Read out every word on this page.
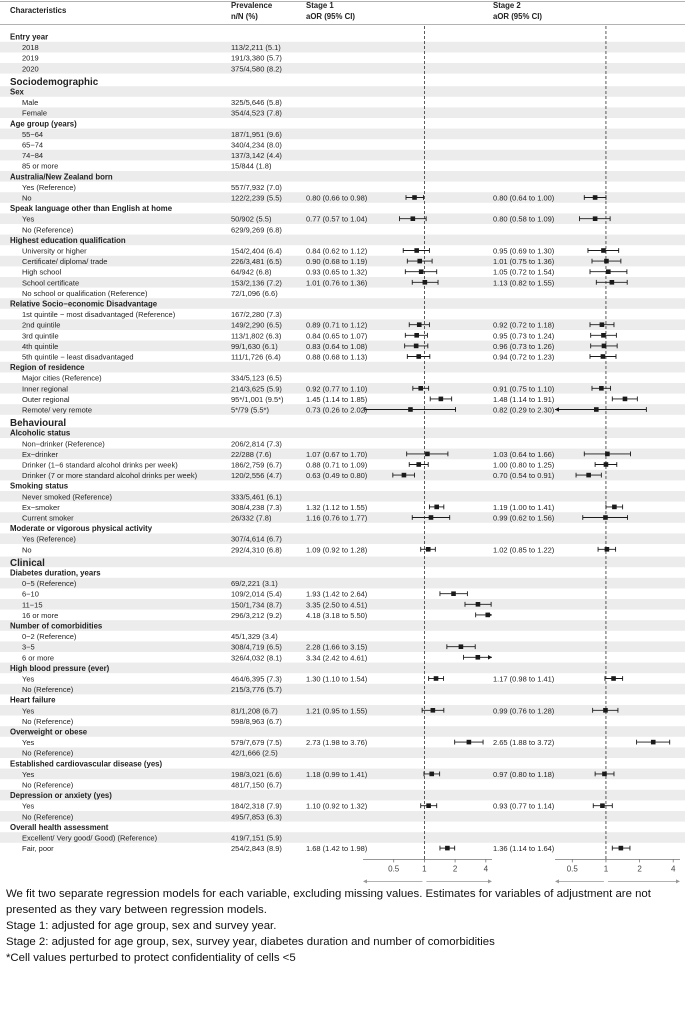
Characteristics
Prevalence
n/N (%)
Stage 1
aOR (95% CI)
Stage 2
aOR (95% CI)
Entry year
2018	113/2,211 (5.1)
2019	191/3,380 (5.7)
2020	375/4,580 (8.2)
Sociodemographic
Sex
Male	325/5,646 (5.8)
Female	354/4,523 (7.8)
Age group (years)
55−64	187/1,951 (9.6)
65−74	340/4,234 (8.0)
74−84	137/3,142 (4.4)
85 or more	15/844 (1.8)
Australia/New Zealand born
Yes (Reference)	557/7,932 (7.0)
No	122/2,239 (5.5)	0.80 (0.66 to 0.98)	0.80 (0.64 to 1.00)
Speak language other than English at home
Yes	50/902 (5.5)	0.77 (0.57 to 1.04)	0.80 (0.58 to 1.09)
No (Reference)	629/9,269 (6.8)
Highest education qualification
University or higher	154/2,404 (6.4)	0.84 (0.62 to 1.12)	0.95 (0.69 to 1.30)
Certificate/ diploma/ trade	226/3,481 (6.5)	0.90 (0.68 to 1.19)	1.01 (0.75 to 1.36)
High school	64/942 (6.8)	0.93 (0.65 to 1.32)	1.05 (0.72 to 1.54)
School certificate	153/2,136 (7.2)	1.01 (0.76 to 1.36)	1.13 (0.82 to 1.55)
No school or qualification (Reference)	72/1,096 (6.6)
Relative Socio−economic Disadvantage
1st quintile − most disadvantaged (Reference)	167/2,280 (7.3)
2nd quintile	149/2,290 (6.5)	0.89 (0.71 to 1.12)	0.92 (0.72 to 1.18)
3rd quintile	113/1,802 (6.3)	0.84 (0.65 to 1.07)	0.95 (0.73 to 1.24)
4th quintile	99/1,630 (6.1)	0.83 (0.64 to 1.08)	0.96 (0.73 to 1.26)
5th quintile − least disadvantaged	111/1,726 (6.4)	0.88 (0.68 to 1.13)	0.94 (0.72 to 1.23)
Region of residence
Major cities (Reference)	334/5,123 (6.5)
Inner regional	214/3,625 (5.9)	0.92 (0.77 to 1.10)	0.91 (0.75 to 1.10)
Outer regional	95*/1,001 (9.5*)	1.45 (1.14 to 1.85)	1.48 (1.14 to 1.91)
Remote/ very remote	5*/79 (5.5*)	0.73 (0.26 to 2.02)	0.82 (0.29 to 2.30)
Behavioural
Alcoholic status
Non−drinker (Reference)	206/2,814 (7.3)
Ex−drinker	22/288 (7.6)	1.07 (0.67 to 1.70)	1.03 (0.64 to 1.66)
Drinker (1−6 standard alcohol drinks per week)	186/2,759 (6.7)	0.88 (0.71 to 1.09)	1.00 (0.80 to 1.25)
Drinker (7 or more standard alcohol drinks per week)	120/2,556 (4.7)	0.63 (0.49 to 0.80)	0.70 (0.54 to 0.91)
Smoking status
Never smoked (Reference)	333/5,461 (6.1)
Ex−smoker	308/4,238 (7.3)	1.32 (1.12 to 1.55)	1.19 (1.00 to 1.41)
Current smoker	26/332 (7.8)	1.16 (0.76 to 1.77)	0.99 (0.62 to 1.56)
Moderate or vigorous physical activity
Yes (Reference)	307/4,614 (6.7)
No	292/4,310 (6.8)	1.09 (0.92 to 1.28)	1.02 (0.85 to 1.22)
Clinical
Diabetes duration, years
0−5 (Reference)	69/2,221 (3.1)
6−10	109/2,014 (5.4)	1.93 (1.42 to 2.64)
11−15	150/1,734 (8.7)	3.35 (2.50 to 4.51)
16 or more	296/3,212 (9.2)	4.18 (3.18 to 5.50)
Number of comorbidities
0−2 (Reference)	45/1,329 (3.4)
3−5	308/4,719 (6.5)	2.28 (1.66 to 3.15)
6 or more	326/4,032 (8.1)	3.34 (2.42 to 4.61)
High blood pressure (ever)
Yes	464/6,395 (7.3)	1.30 (1.10 to 1.54)	1.17 (0.98 to 1.41)
No (Reference)	215/3,776 (5.7)
Heart failure
Yes	81/1,208 (6.7)	1.21 (0.95 to 1.55)	0.99 (0.76 to 1.28)
No (Reference)	598/8,963 (6.7)
Overweight or obese
Yes	579/7,679 (7.5)	2.73 (1.98 to 3.76)	2.65 (1.88 to 3.72)
No (Reference)	42/1,666 (2.5)
Established cardiovascular disease (yes)
Yes	198/3,021 (6.6)	1.18 (0.99 to 1.41)	0.97 (0.80 to 1.18)
No (Reference)	481/7,150 (6.7)
Depression or anxiety (yes)
Yes	184/2,318 (7.9)	1.10 (0.92 to 1.32)	0.93 (0.77 to 1.14)
No (Reference)	495/7,853 (6.3)
Overall health assessment
Excellent/ Very good/ Good) (Reference)	419/7,151 (5.9)
Fair, poor	254/2,843 (8.9)	1.68 (1.42 to 1.98)	1.36 (1.14 to 1.64)
0.5	1	2	4	0.5	1	2	4
We fit two separate regression models for each variable, excluding missing values. Estimates for variables of adjustment are not presented as they vary between regression models.
Stage 1: adjusted for age group, sex and survey year.
Stage 2: adjusted for age group, sex, survey year, diabetes duration and number of comorbidities
*Cell values perturbed to protect confidentiality of cells <5
